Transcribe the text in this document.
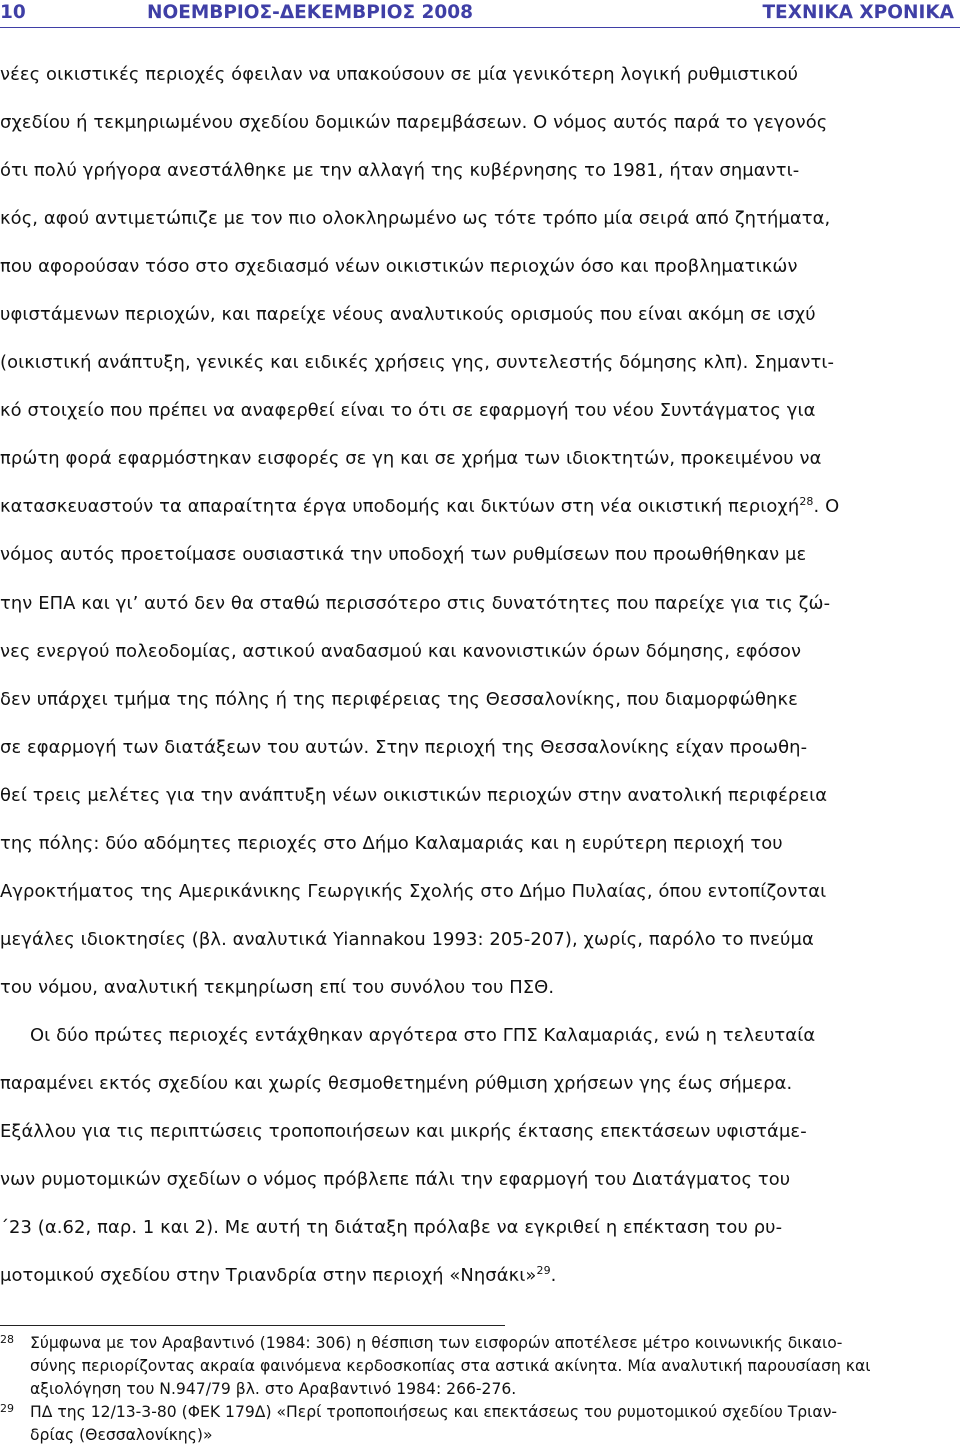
10	ΝΟΕΜΒΡΙΟΣ-ΔΕΚΕΜΒΡΙΟΣ 2008	ΤΕΧΝΙΚΑ ΧΡΟΝΙΚΑ
νέες οικιστικές περιοχές όφειλαν να υπακούσουν σε μία γενικότερη λογική ρυθμιστικού
σχεδίου ή τεκμηριωμένου σχεδίου δομικών παρεμβάσεων. Ο νόμος αυτός παρά το γεγονός
ότι πολύ γρήγορα ανεστάλθηκε με την αλλαγή της κυβέρνησης το 1981, ήταν σημαντι-
κός, αφού αντιμετώπιζε με τον πιο ολοκληρωμένο ως τότε τρόπο μία σειρά από ζητήματα,
που αφορούσαν τόσο στο σχεδιασμό νέων οικιστικών περιοχών όσο και προβληματικών
υφιστάμενων περιοχών, και παρείχε νέους αναλυτικούς ορισμούς που είναι ακόμη σε ισχύ
(οικιστική ανάπτυξη, γενικές και ειδικές χρήσεις γης, συντελεστής δόμησης κλπ). Σημαντι-
κό στοιχείο που πρέπει να αναφερθεί είναι το ότι σε εφαρμογή του νέου Συντάγματος για
πρώτη φορά εφαρμόστηκαν εισφορές σε γη και σε χρήμα των ιδιοκτητών, προκειμένου να
κατασκευαστούν τα απαραίτητα έργα υποδομής και δικτύων στη νέα οικιστική περιοχή$^{28}$. Ο
νόμος αυτός προετοίμασε ουσιαστικά την υποδοχή των ρυθμίσεων που προωθήθηκαν με
την ΕΠΑ και γι’ αυτό δεν θα σταθώ περισσότερο στις δυνατότητες που παρείχε για τις ζώ-
νες ενεργού πολεοδομίας, αστικού αναδασμού και κανονιστικών όρων δόμησης, εφόσον
δεν υπάρχει τμήμα της πόλης ή της περιφέρειας της Θεσσαλονίκης, που διαμορφώθηκε
σε εφαρμογή των διατάξεων του αυτών. Στην περιοχή της Θεσσαλονίκης είχαν προωθη-
θεί τρεις μελέτες για την ανάπτυξη νέων οικιστικών περιοχών στην ανατολική περιφέρεια
της πόλης: δύο αδόμητες περιοχές στο Δήμο Καλαμαριάς και η ευρύτερη περιοχή του
Αγροκτήματος της Αμερικάνικης Γεωργικής Σχολής στο Δήμο Πυλαίας, όπου εντοπίζονται
μεγάλες ιδιοκτησίες (βλ. αναλυτικά Yiannakou 1993: 205-207), χωρίς, παρόλο το πνεύμα
του νόμου, αναλυτική τεκμηρίωση επί του συνόλου του ΠΣΘ.
Οι δύο πρώτες περιοχές εντάχθηκαν αργότερα στο ΓΠΣ Καλαμαριάς, ενώ η τελευταία
παραμένει εκτός σχεδίου και χωρίς θεσμοθετημένη ρύθμιση χρήσεων γης έως σήμερα.
Εξάλλου για τις περιπτώσεις τροποποιήσεων και μικρής έκτασης επεκτάσεων υφιστάμε-
νων ρυμοτομικών σχεδίων ο νόμος πρόβλεπε πάλι την εφαρμογή του Διατάγματος του
΄23 (α.62, παρ. 1 και 2). Με αυτή τη διάταξη πρόλαβε να εγκριθεί η επέκταση του ρυ-
μοτομικού σχεδίου στην Τριανδρία στην περιοχή «Νησάκι»$^{29}$.
28 Σύμφωνα με τον Αραβαντινό (1984: 306) η θέσπιση των εισφορών αποτέλεσε μέτρο κοινωνικής δικαιο-
σύνης περιορίζοντας ακραία φαινόμενα κερδοσκοπίας στα αστικά ακίνητα. Μία αναλυτική παρουσίαση και
αξιολόγηση του Ν.947/79 βλ. στο Αραβαντινό 1984: 266-276.
29 ΠΔ της 12/13-3-80 (ΦΕΚ 179Δ) «Περί τροποποιήσεως και επεκτάσεως του ρυμοτομικού σχεδίου Τριαν-
δρίας (Θεσσαλονίκης)»
